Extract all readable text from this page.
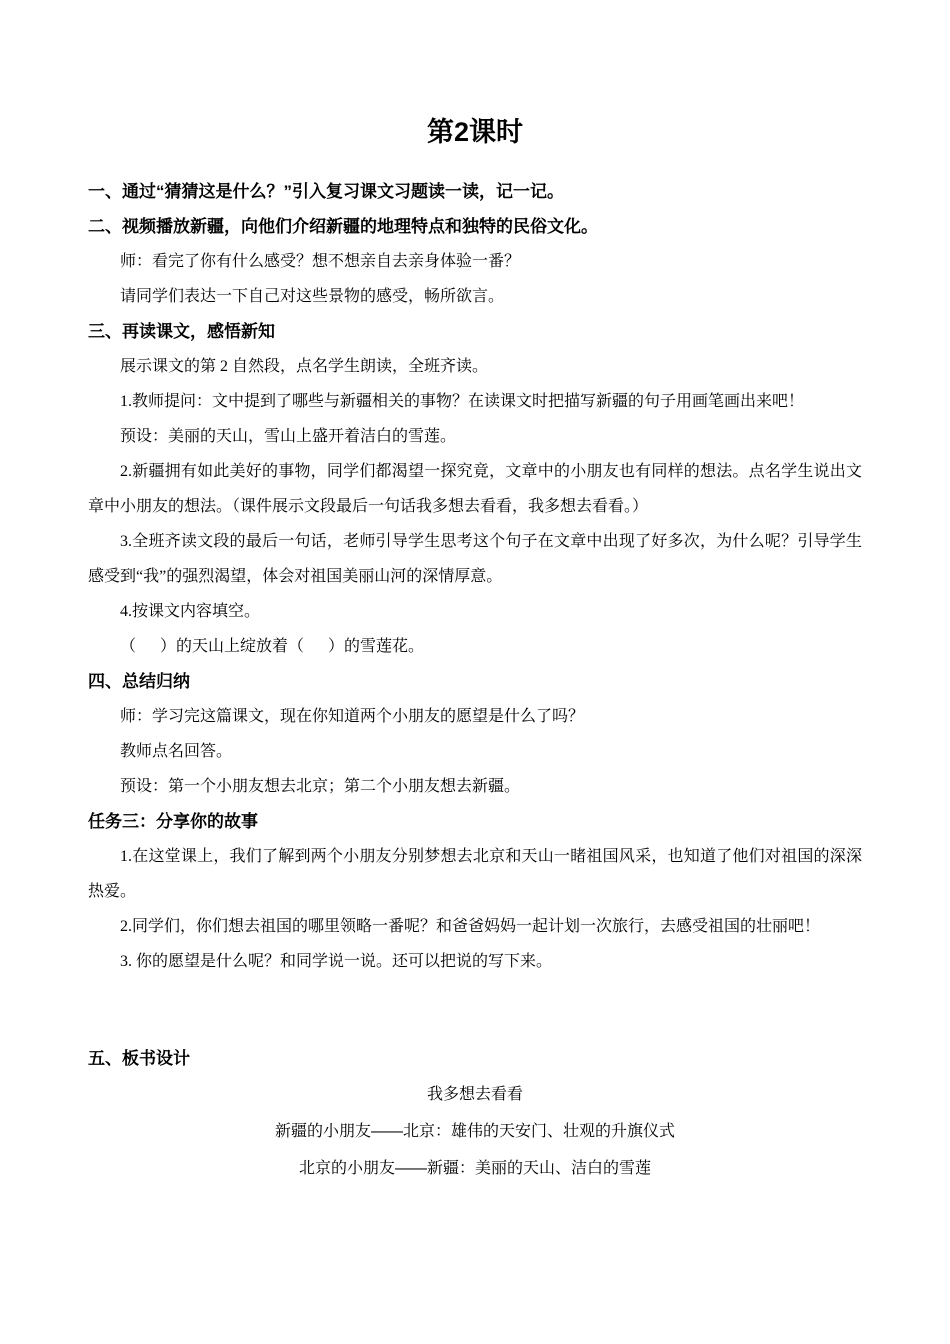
第2课时
一、通过“猜猜这是什么？”引入复习课文习题读一读，记一记。
二、视频播放新疆，向他们介绍新疆的地理特点和独特的民俗文化。
师：看完了你有什么感受？想不想亲自去亲身体验一番？
请同学们表达一下自己对这些景物的感受，畅所欲言。
三、再读课文，感悟新知
展示课文的第 2 自然段，点名学生朗读，全班齐读。
1.教师提问：文中提到了哪些与新疆相关的事物？在读课文时把描写新疆的句子用画笔画出来吧！
预设：美丽的天山，雪山上盛开着洁白的雪莲。
2.新疆拥有如此美好的事物，同学们都渴望一探究竟，文章中的小朋友也有同样的想法。点名学生说出文章中小朋友的想法。（课件展示文段最后一句话我多想去看看，我多想去看看。）
3.全班齐读文段的最后一句话，老师引导学生思考这个句子在文章中出现了好多次，为什么呢？引导学生感受到“我”的强烈渴望，体会对祖国美丽山河的深情厚意。
4.按课文内容填空。
（      ）的天山上绽放着（      ）的雪莲花。
四、总结归纳
师：学习完这篇课文，现在你知道两个小朋友的愿望是什么了吗？
教师点名回答。
预设：第一个小朋友想去北京；第二个小朋友想去新疆。
任务三：分享你的故事
1.在这堂课上，我们了解到两个小朋友分别梦想去北京和天山一睹祖国风采，也知道了他们对祖国的深深热爱。
2.同学们，你们想去祖国的哪里领略一番呢？和爸爸妈妈一起计划一次旅行，去感受祖国的壮丽吧！
3. 你的愿望是什么呢？和同学说一说。还可以把说的写下来。
五、板书设计
我多想去看看
新疆的小朋友——北京：雄伟的天安门、壮观的升旗仪式
北京的小朋友——新疆：美丽的天山、洁白的雪莲
